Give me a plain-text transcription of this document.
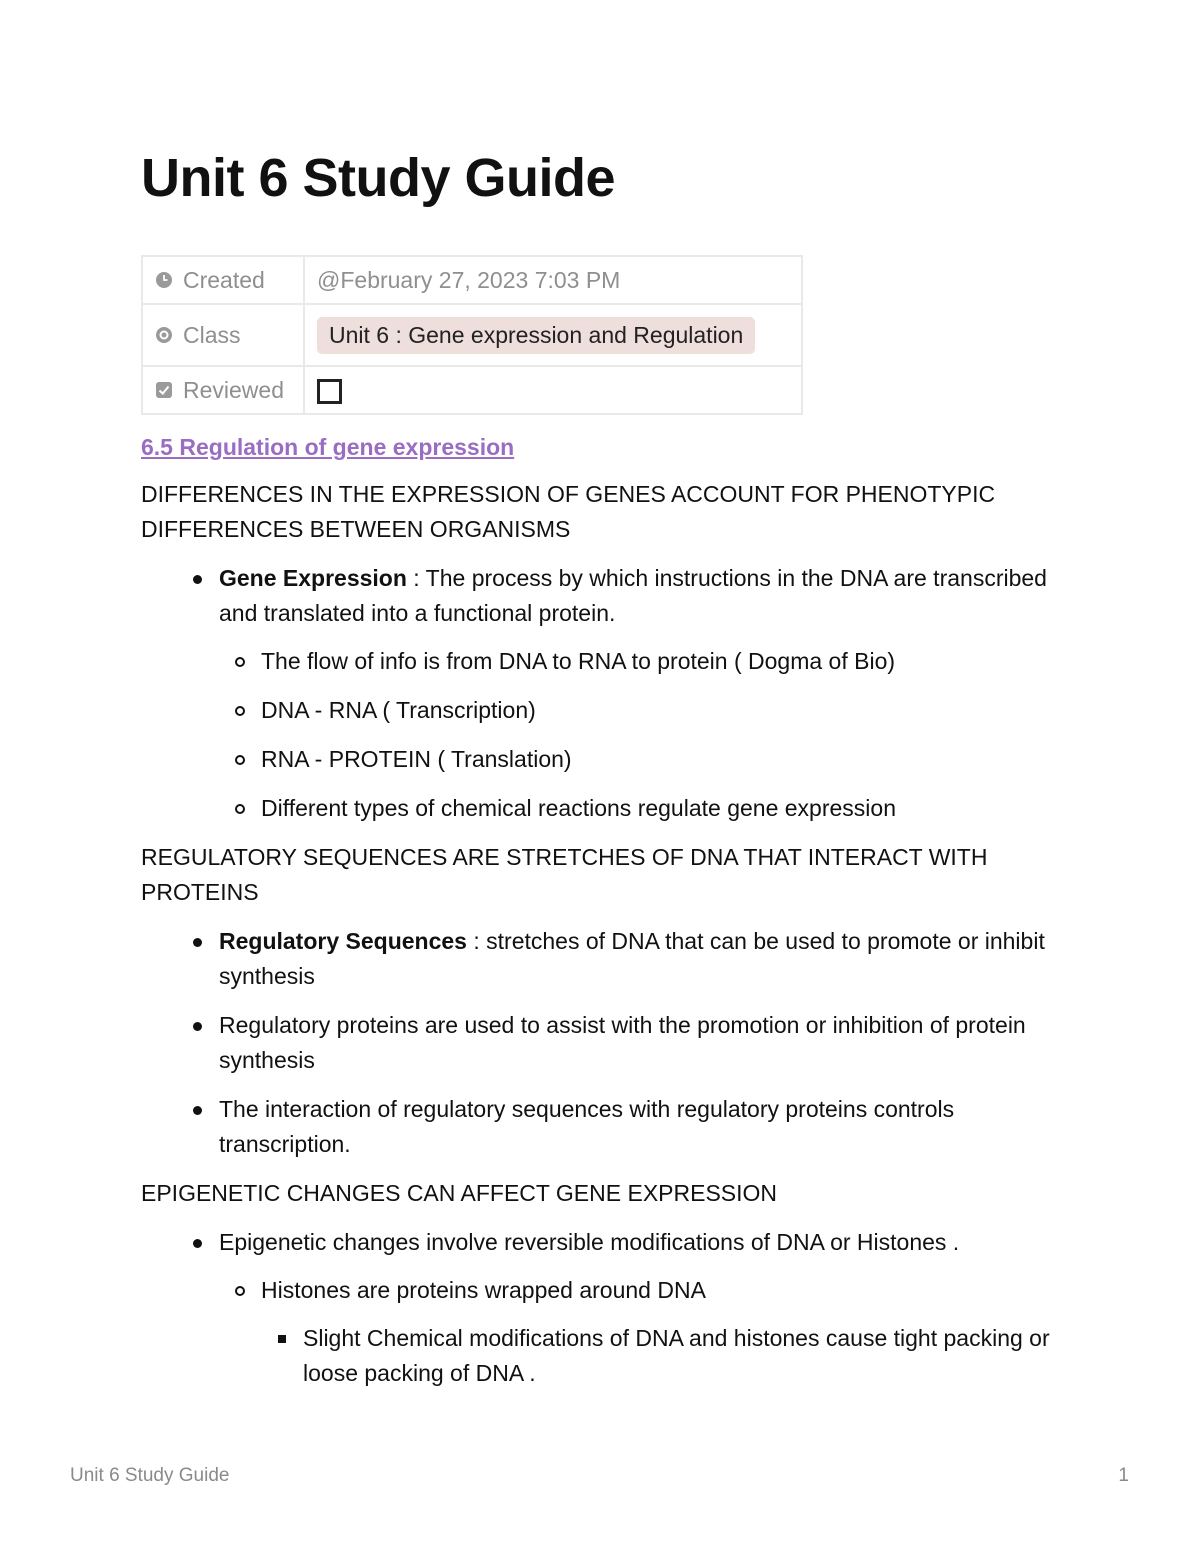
Unit 6 Study Guide
Created	@February 27, 2023 7:03 PM

Class	Unit 6 : Gene expression and Regulation

Reviewed	

6.5 Regulation of gene expression

DIFFERENCES IN THE EXPRESSION OF GENES ACCOUNT FOR PHENOTYPIC DIFFERENCES BETWEEN ORGANISMS

Gene Expression : The process by which instructions in the DNA are transcribed and translated into a functional protein.
The flow of info is from DNA to RNA to protein ( Dogma of Bio)
DNA - RNA ( Transcription)
RNA - PROTEIN ( Translation)
Different types of chemical reactions regulate gene expression

REGULATORY SEQUENCES ARE STRETCHES OF DNA THAT INTERACT WITH PROTEINS

Regulatory Sequences : stretches of DNA that can be used to promote or inhibit synthesis
Regulatory proteins are used to assist with the promotion or inhibition of protein synthesis
The interaction of regulatory sequences with regulatory proteins controls transcription.

EPIGENETIC CHANGES CAN AFFECT GENE EXPRESSION

Epigenetic changes involve reversible modifications of DNA or Histones .
Histones are proteins wrapped around DNA
Slight Chemical modifications of DNA and histones cause tight packing or loose packing of DNA .
Unit 6 Study Guide	1
